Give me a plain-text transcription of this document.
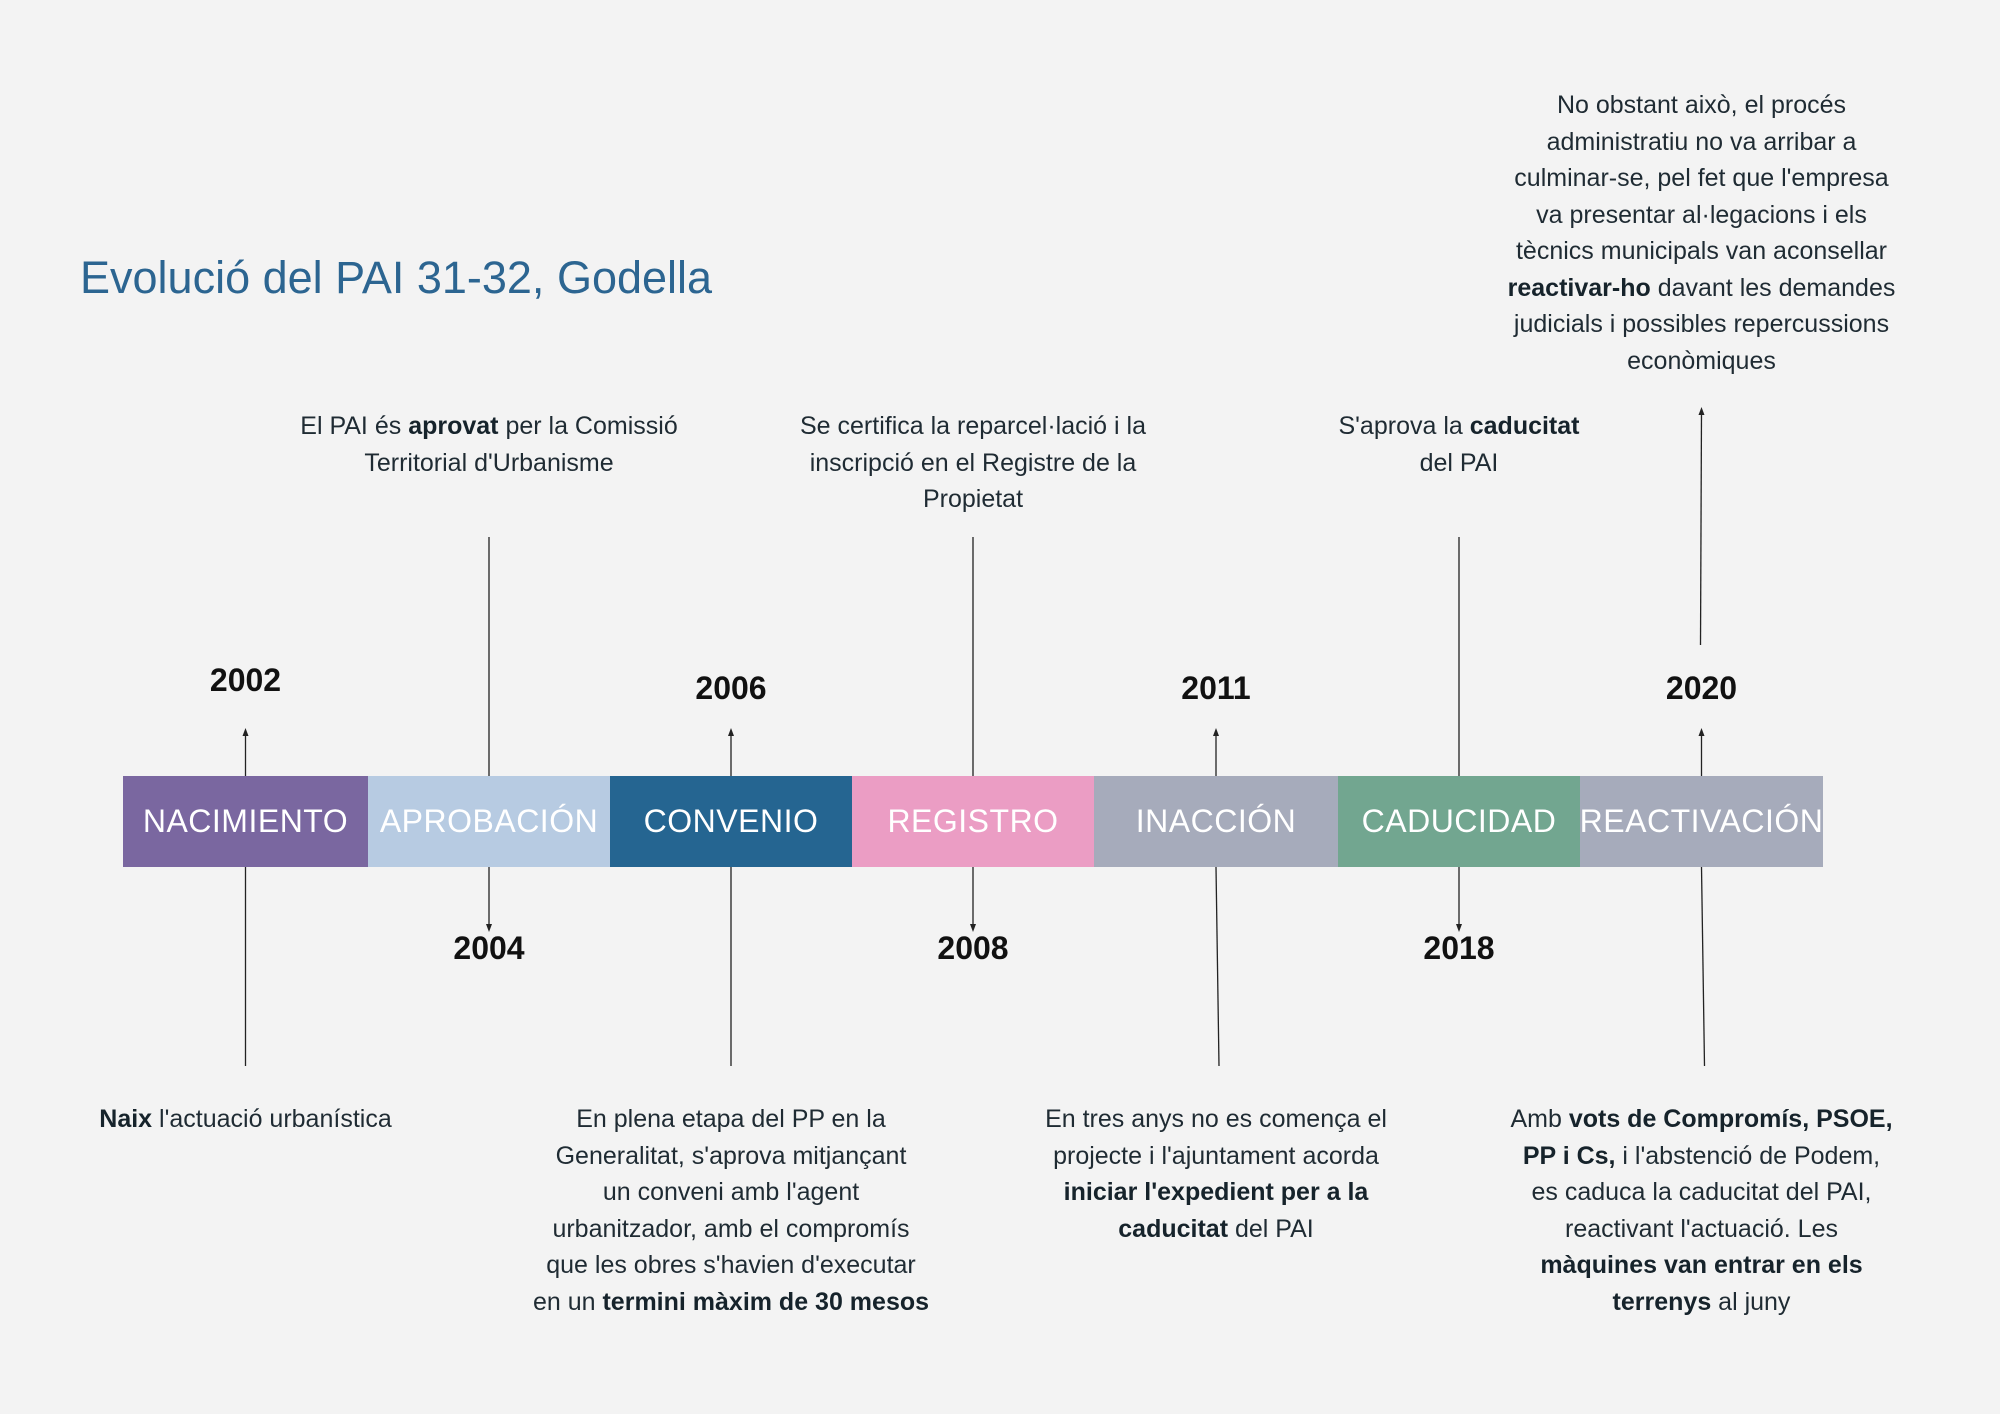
Evolució del PAI 31-32, Godella
NACIMIENTO APROBACIÓN CONVENIO REGISTRO INACCIÓN CADUCIDAD REACTIVACIÓN
2002
Naix l'actuació urbanística
2004
El PAI és aprovat per la Comissió
Territorial d'Urbanisme
2006
En plena etapa del PP en la
Generalitat, s'aprova mitjançant
un conveni amb l'agent
urbanitzador, amb el compromís
que les obres s'havien d'executar
en un termini màxim de 30 mesos
2008
Se certifica la reparcel·lació i la
inscripció en el Registre de la
Propietat
2011
En tres anys no es comença el
projecte i l'ajuntament acorda
iniciar l'expedient per a la
caducitat del PAI
2018
S'aprova la caducitat
del PAI
2020
Amb vots de Compromís, PSOE,
PP i Cs, i l'abstenció de Podem,
es caduca la caducitat del PAI,
reactivant l'actuació. Les
màquines van entrar en els
terrenys al juny
No obstant això, el procés
administratiu no va arribar a
culminar-se, pel fet que l'empresa
va presentar al·legacions i els
tècnics municipals van aconsellar
reactivar-ho davant les demandes
judicials i possibles repercussions
econòmiques
